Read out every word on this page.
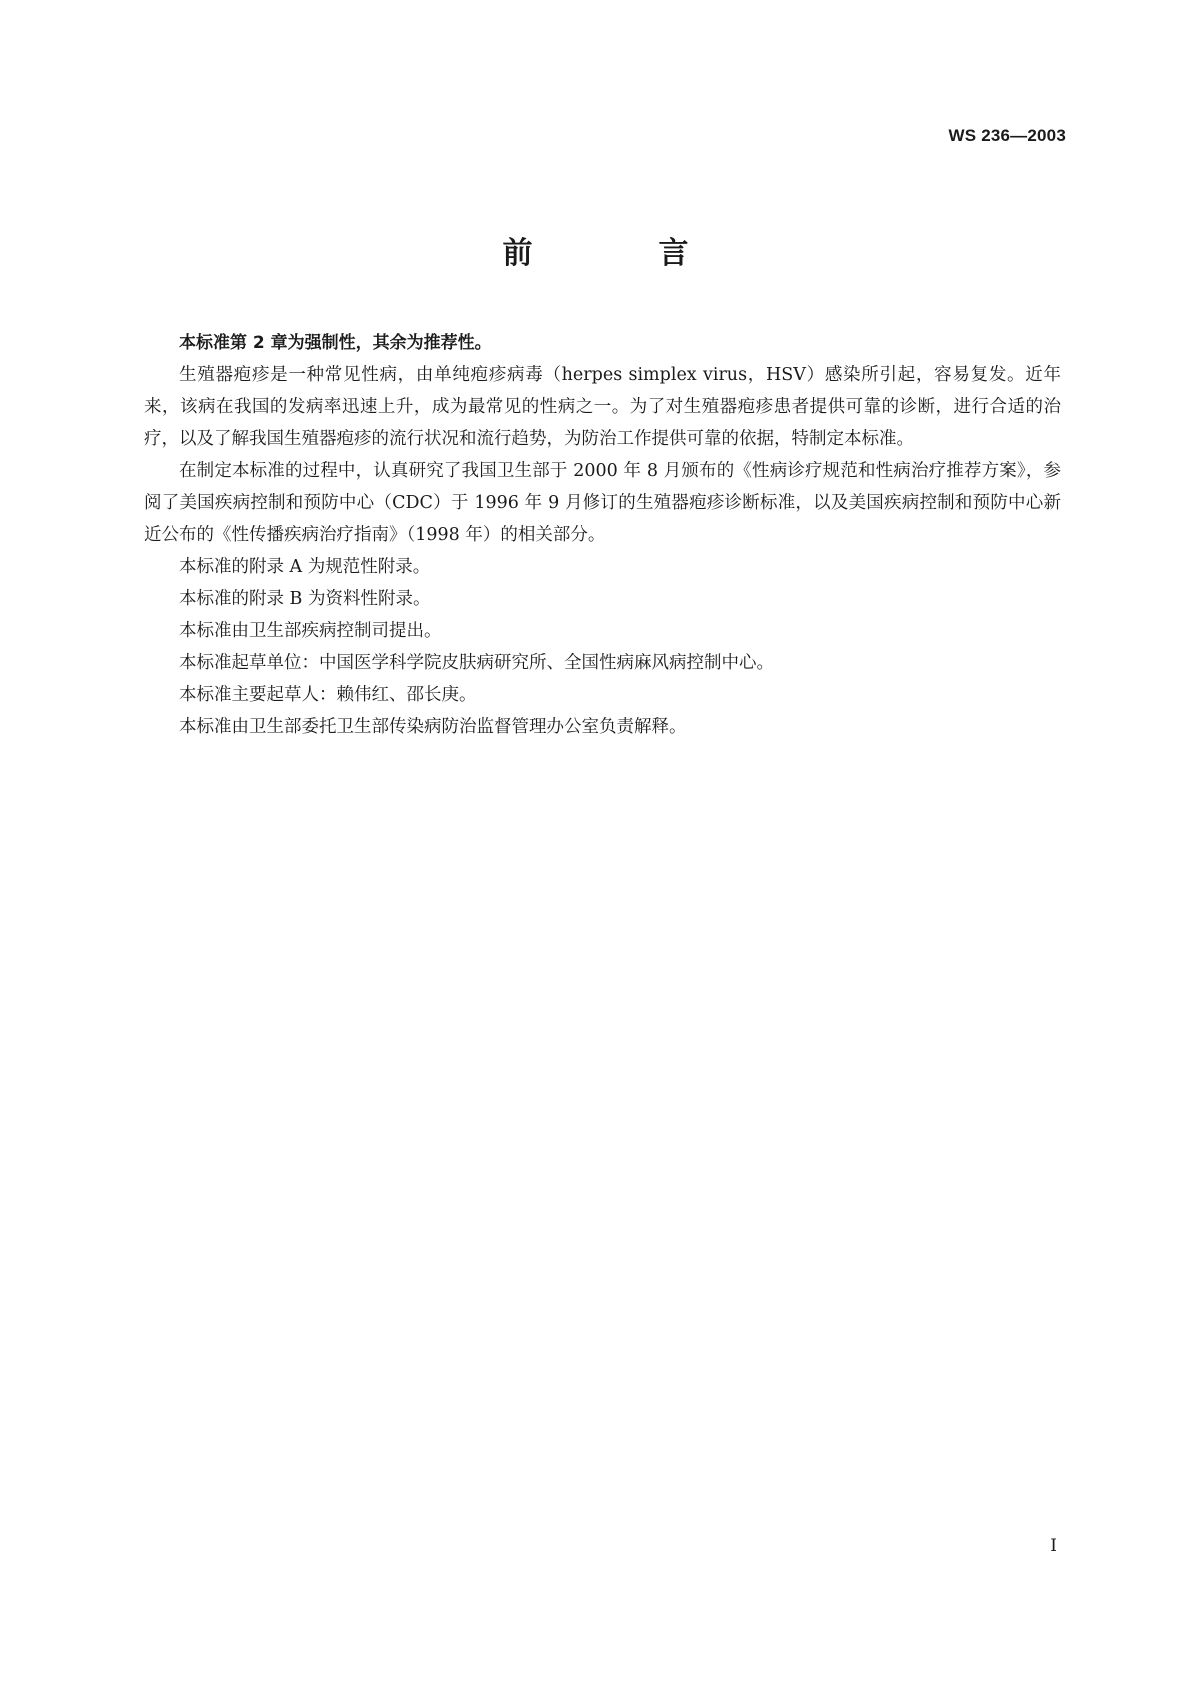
WS 236—2003
前　言

本标准第 2 章为强制性，其余为推荐性。

生殖器疱疹是一种常见性病，由单纯疱疹病毒（herpes simplex virus，HSV）感染所引起，容易复发。近年来，该病在我国的发病率迅速上升，成为最常见的性病之一。为了对生殖器疱疹患者提供可靠的诊断，进行合适的治疗，以及了解我国生殖器疱疹的流行状况和流行趋势，为防治工作提供可靠的依据，特制定本标准。

在制定本标准的过程中，认真研究了我国卫生部于 2000 年 8 月颁布的《性病诊疗规范和性病治疗推荐方案》，参阅了美国疾病控制和预防中心（CDC）于 1996 年 9 月修订的生殖器疱疹诊断标准，以及美国疾病控制和预防中心新近公布的《性传播疾病治疗指南》（1998 年）的相关部分。

本标准的附录 A 为规范性附录。

本标准的附录 B 为资料性附录。

本标准由卫生部疾病控制司提出。

本标准起草单位：中国医学科学院皮肤病研究所、全国性病麻风病控制中心。

本标准主要起草人：赖伟红、邵长庚。

本标准由卫生部委托卫生部传染病防治监督管理办公室负责解释。

I
